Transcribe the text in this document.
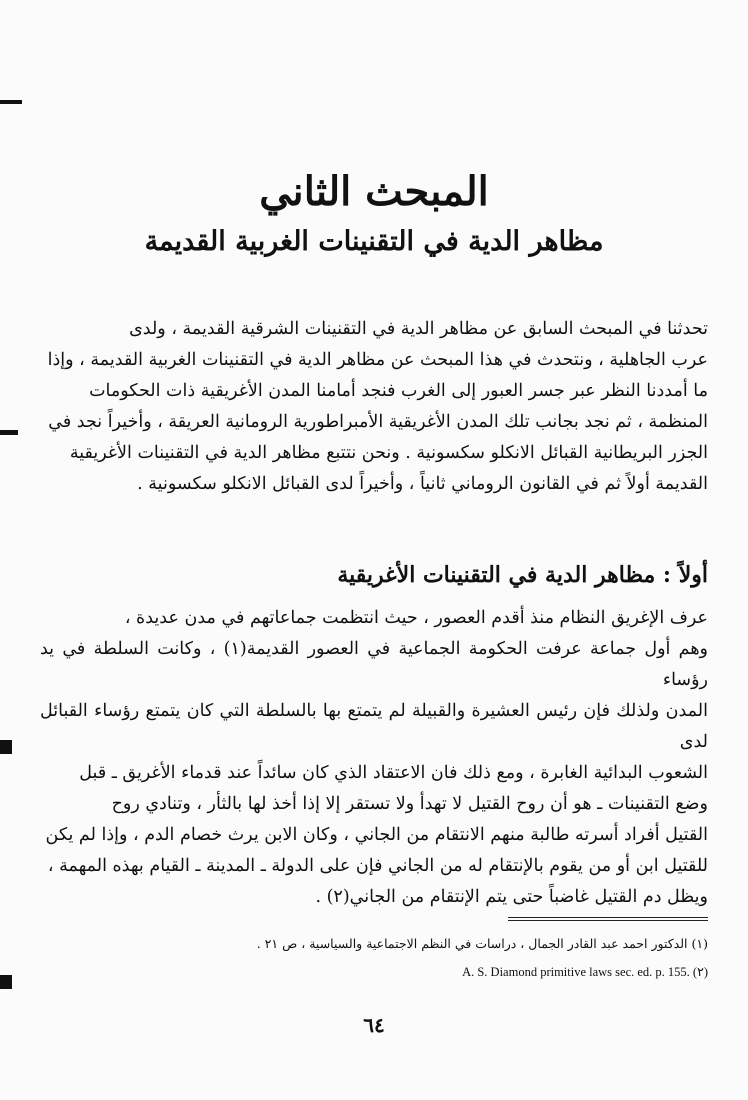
المبحث الثاني
مظاهر الدية في التقنينات الغربية القديمة
تحدثنا في المبحث السابق عن مظاهر الدية في التقنينات الشرقية القديمة ، ولدى
عرب الجاهلية ، ونتحدث في هذا المبحث عن مظاهر الدية في التقنينات الغربية القديمة ، وإذا
ما أمددنا النظر عبر جسر العبور إلى الغرب فنجد أمامنا المدن الأغريقية ذات الحكومات
المنظمة ، ثم نجد بجانب تلك المدن الأغريقية الأمبراطورية الرومانية العريقة ، وأخيراً نجد في
الجزر البريطانية القبائل الانكلو سكسونية . ونحن نتتبع مظاهر الدية في التقنينات الأغريقية
القديمة أولاً ثم في القانون الروماني ثانياً ، وأخيراً لدى القبائل الانكلو سكسونية .
أولاً : مظاهر الدية في التقنينات الأغريقية
عرف الإغريق النظام منذ أقدم العصور ، حيث انتظمت جماعاتهم في مدن عديدة ،
وهم أول جماعة عرفت الحكومة الجماعية في العصور القديمة(١) ، وكانت السلطة في يد رؤساء
المدن ولذلك فإن رئيس العشيرة والقبيلة لم يتمتع بها بالسلطة التي كان يتمتع رؤساء القبائل لدى
الشعوب البدائية الغابرة ، ومع ذلك فان الاعتقاد الذي كان سائداً عند قدماء الأغريق ـ قبل
وضع التقنينات ـ هو أن روح القتيل لا تهدأ ولا تستقر إلا إذا أخذ لها بالثأر ، وتنادي روح
القتيل أفراد أسرته طالبة منهم الانتقام من الجاني ، وكان الابن يرث خصام الدم ، وإذا لم يكن
للقتيل ابن أو من يقوم بالإنتقام له من الجاني فإن على الدولة ـ المدينة ـ القيام بهذه المهمة ،
ويظل دم القتيل غاضباً حتى يتم الإنتقام من الجاني(٢) .
(١) الدكتور احمد عبد القادر الجمال ، دراسات في النظم الاجتماعية والسياسية ، ص ٢١ .
A. S. Diamond primitive laws sec. ed. p. 155. (٢)
٦٤
